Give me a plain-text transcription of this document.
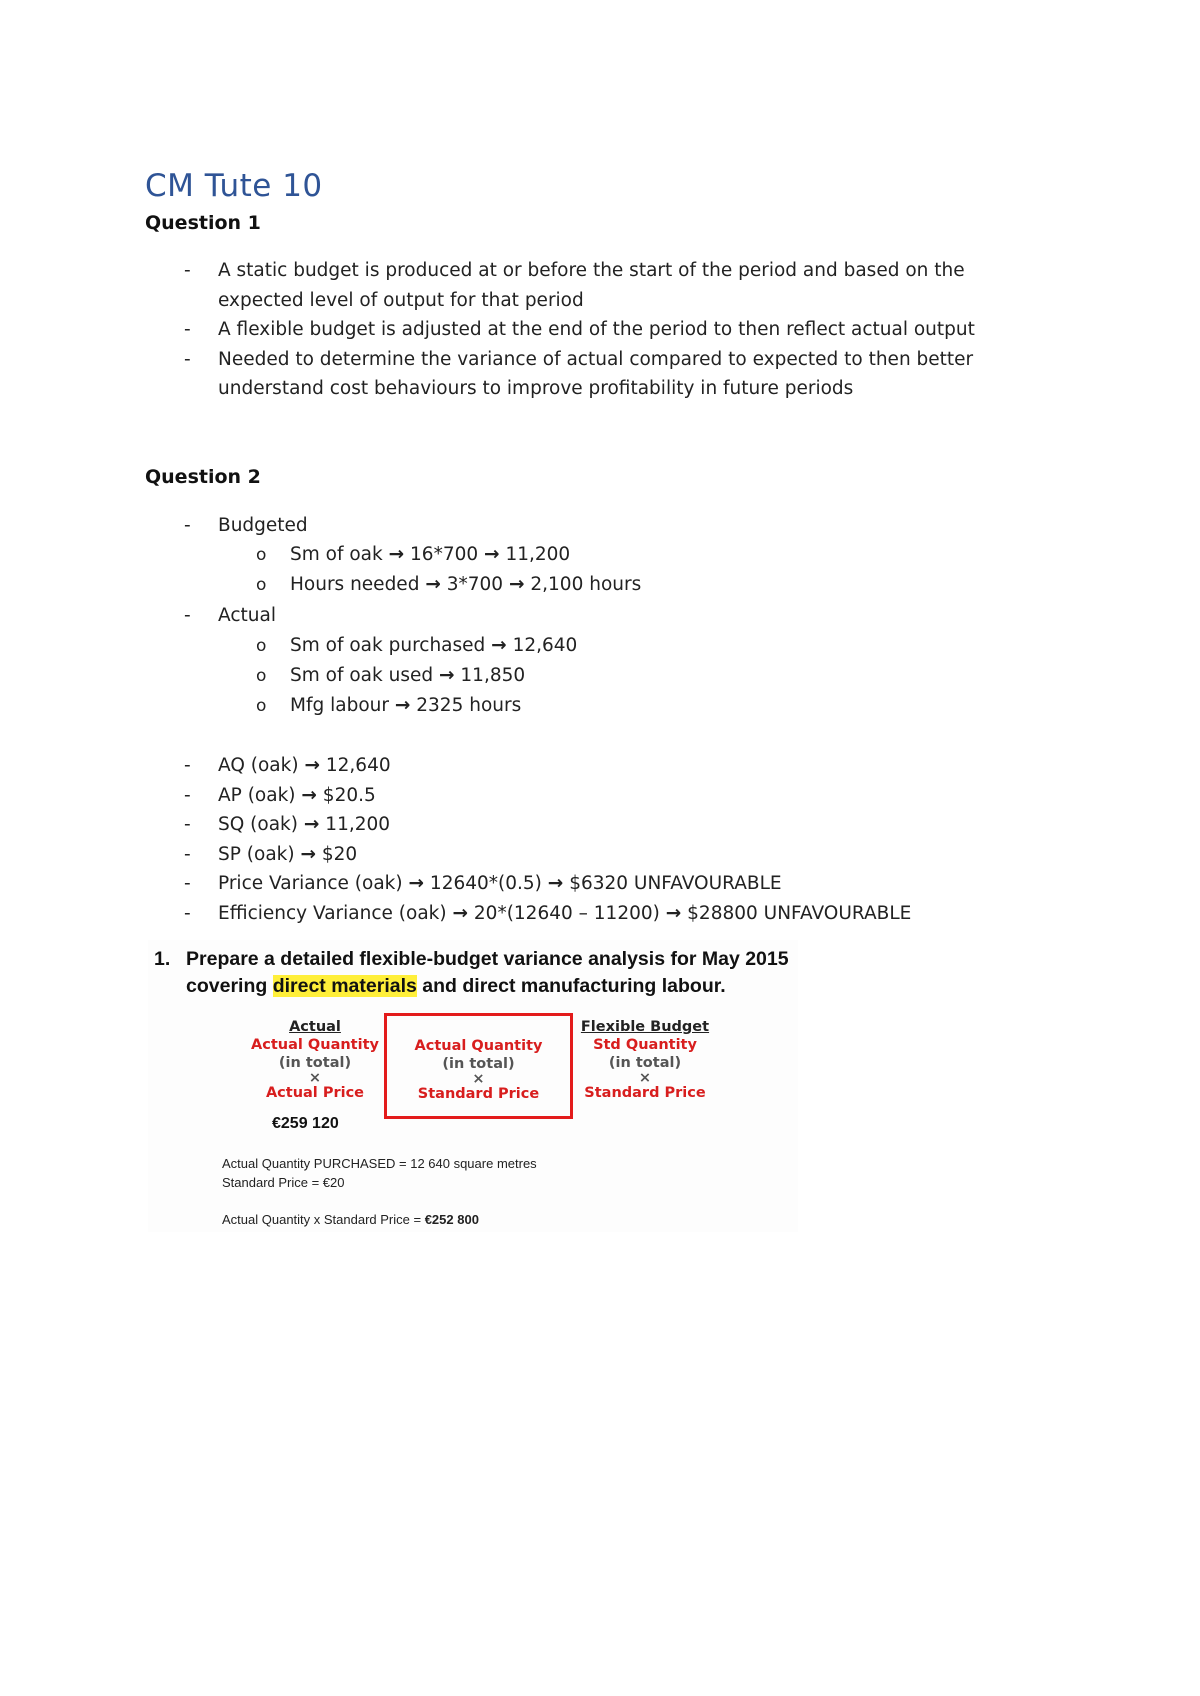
CM Tute 10
Question 1
- A static budget is produced at or before the start of the period and based on the expected level of output for that period
- A flexible budget is adjusted at the end of the period to then reflect actual output
- Needed to determine the variance of actual compared to expected to then better understand cost behaviours to improve profitability in future periods
Question 2
- Budgeted
o Sm of oak → 16*700 → 11,200
o Hours needed → 3*700 → 2,100 hours
- Actual
o Sm of oak purchased → 12,640
o Sm of oak used → 11,850
o Mfg labour → 2325 hours
- AQ (oak) → 12,640
- AP (oak) → $20.5
- SQ (oak) → 11,200
- SP (oak) → $20
- Price Variance (oak) → 12640*(0.5) → $6320 UNFAVOURABLE
- Efficiency Variance (oak) → 20*(12640 – 11200) → $28800 UNFAVOURABLE
1. Prepare a detailed flexible-budget variance analysis for May 2015
covering direct materials and direct manufacturing labour.
Actual
Actual Quantity
(in total)
×
Actual Price
€259 120
Actual Quantity
(in total)
×
Standard Price
Flexible Budget
Std Quantity
(in total)
×
Standard Price
Actual Quantity PURCHASED = 12 640 square metres
Standard Price = €20
Actual Quantity x Standard Price = €252 800
